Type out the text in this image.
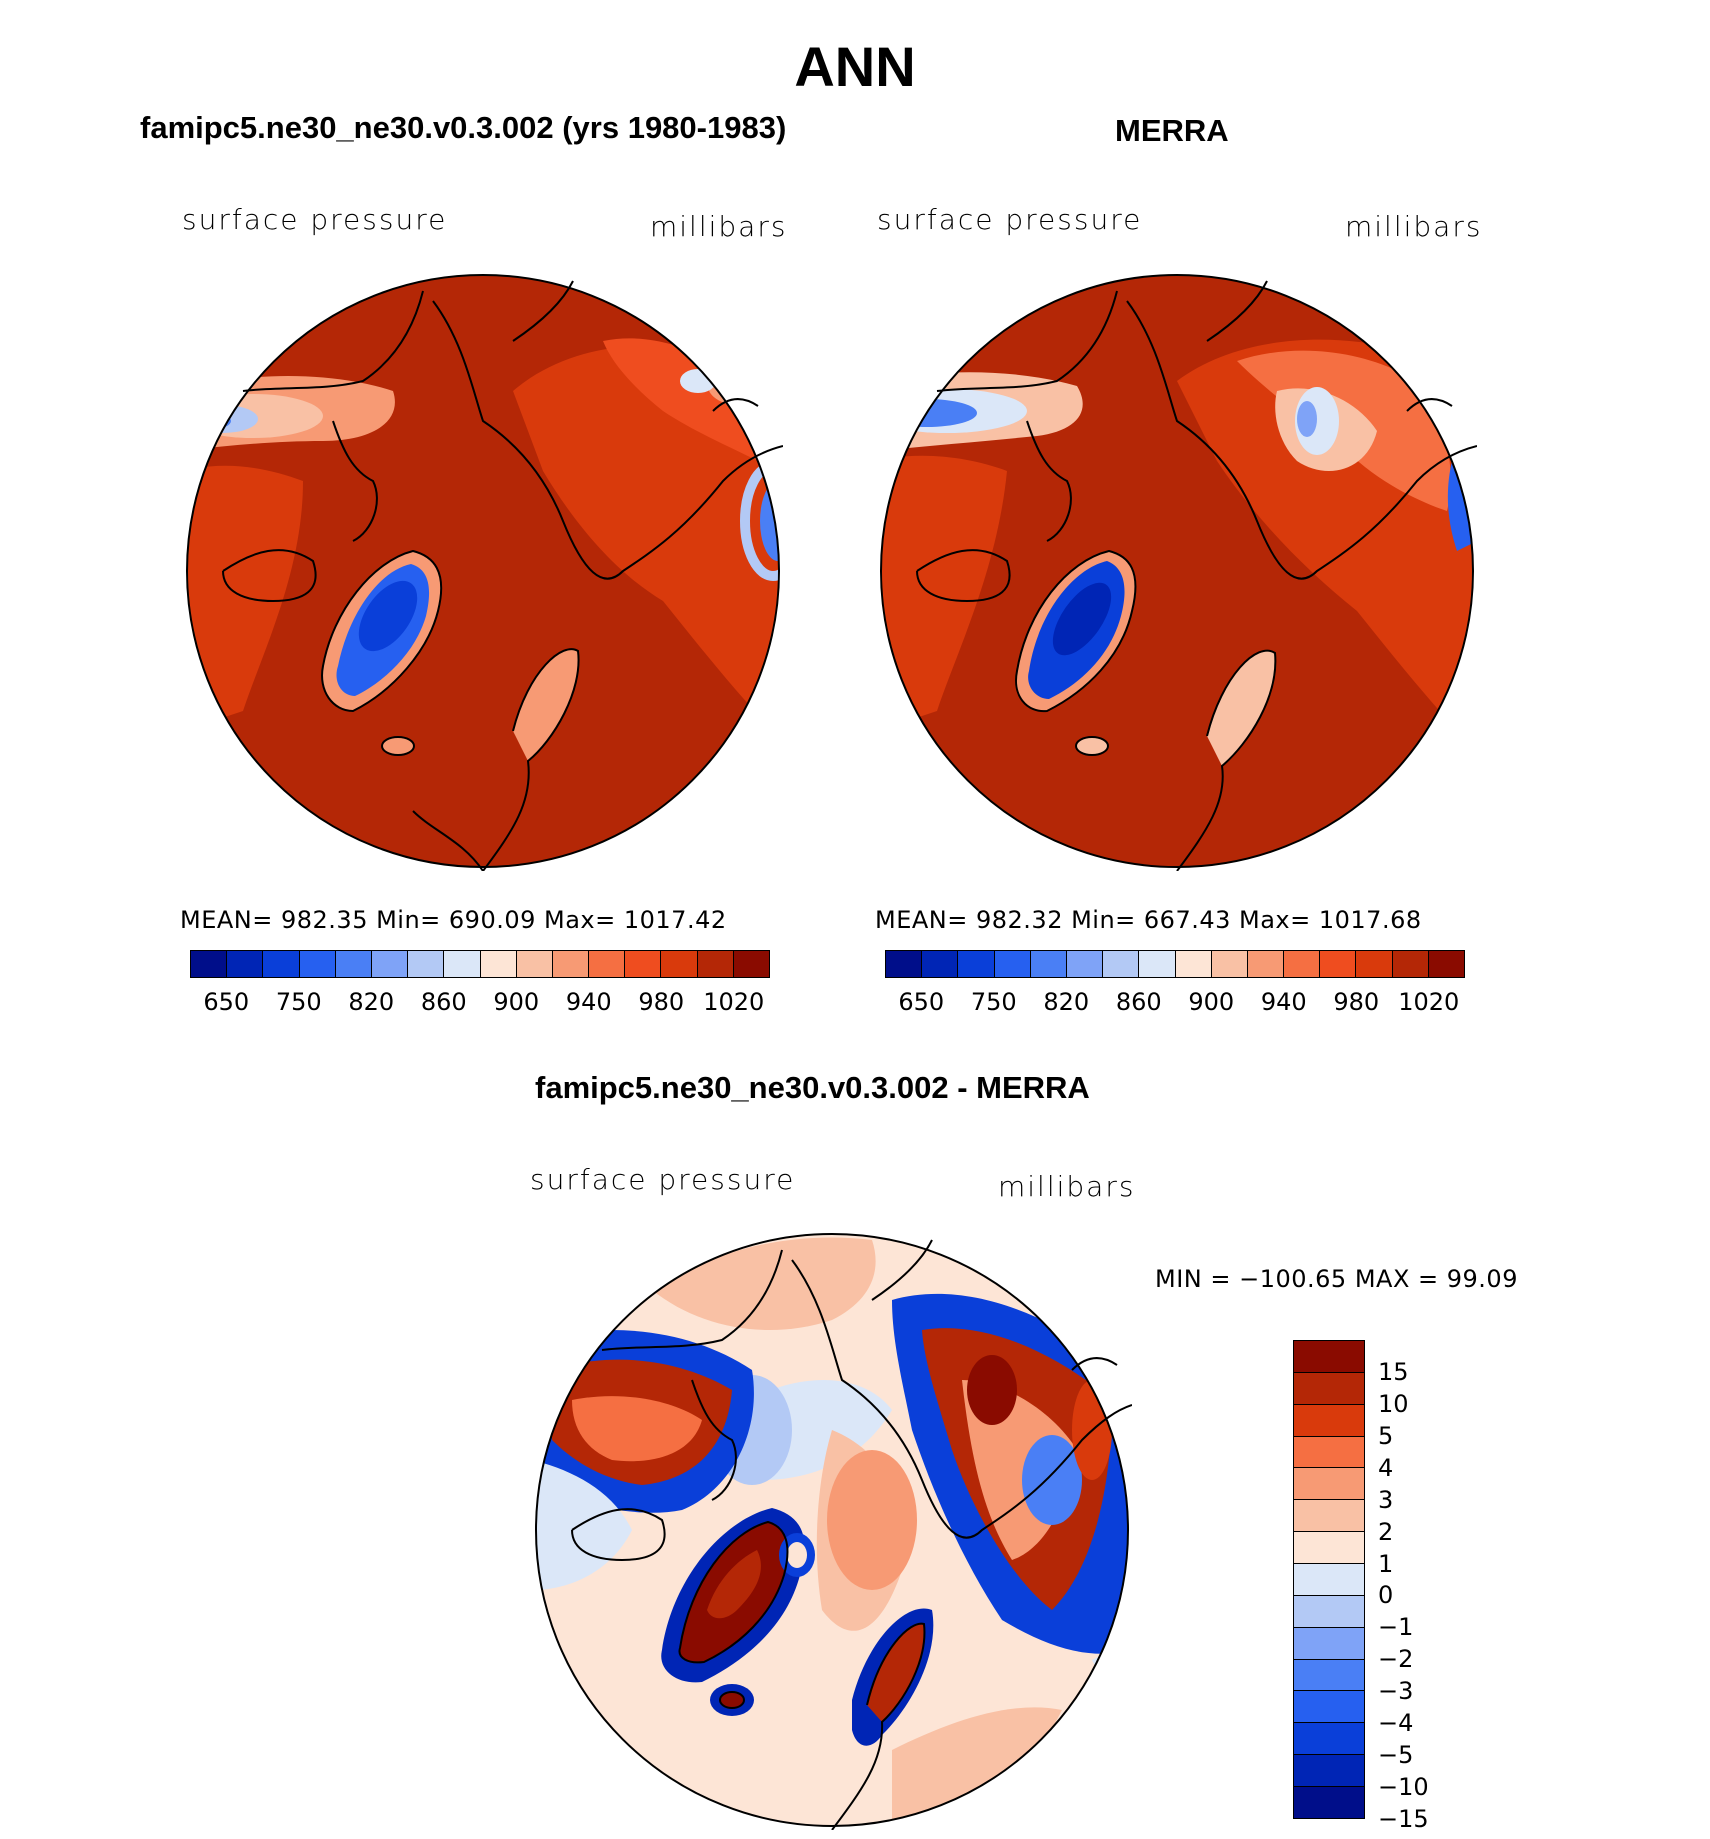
ANN
famipc5.ne30_ne30.v0.3.002 (yrs 1980-1983)
surface pressure	millibars
MEAN= 982.35 Min= 690.09 Max= 1017.42
650 750 820 860 900 940 980 1020
MERRA
surface pressure	millibars
MEAN= 982.32 Min= 667.43 Max= 1017.68
650 750 820 860 900 940 980 1020
famipc5.ne30_ne30.v0.3.002 - MERRA
surface pressure	millibars
MIN = −100.65 MAX = 99.09
15
10
5
4
3
2
1
0
−1
−2
−3
−4
−5
−10
−15
